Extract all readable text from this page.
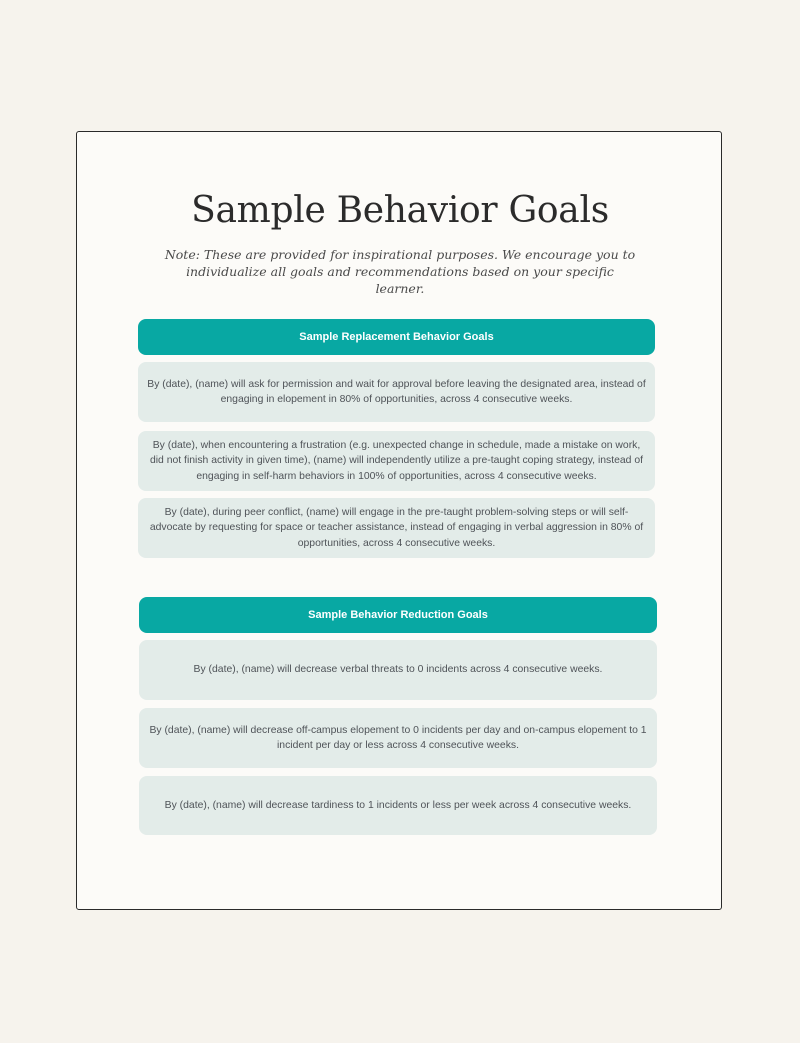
Sample Behavior Goals

Note: These are provided for inspirational purposes. We encourage you to individualize all goals and recommendations based on your specific learner.

Sample Replacement Behavior Goals
By (date), (name) will ask for permission and wait for approval before leaving the designated area, instead of engaging in elopement in 80% of opportunities, across 4 consecutive weeks.
By (date), when encountering a frustration (e.g. unexpected change in schedule, made a mistake on work, did not finish activity in given time), (name) will independently utilize a pre-taught coping strategy, instead of engaging in self-harm behaviors in 100% of opportunities, across 4 consecutive weeks.
By (date), during peer conflict, (name) will engage in the pre-taught problem-solving steps or will self-advocate by requesting for space or teacher assistance, instead of engaging in verbal aggression in 80% of opportunities, across 4 consecutive weeks.
Sample Behavior Reduction Goals
By (date), (name) will decrease verbal threats to 0 incidents across 4 consecutive weeks.
By (date), (name) will decrease off-campus elopement to 0 incidents per day and on-campus elopement to 1 incident per day or less across 4 consecutive weeks.
By (date), (name) will decrease tardiness to 1 incidents or less per week across 4 consecutive weeks.
